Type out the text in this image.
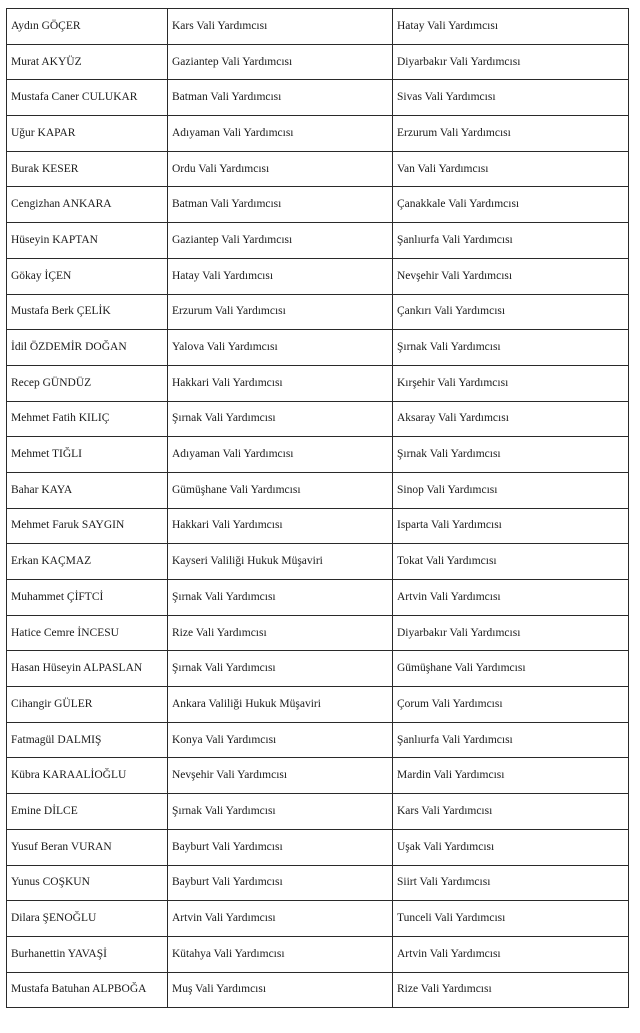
Aydın GÖÇER	Kars Vali Yardımcısı	Hatay Vali Yardımcısı
Murat AKYÜZ	Gaziantep Vali Yardımcısı	Diyarbakır Vali Yardımcısı
Mustafa Caner CULUKAR	Batman Vali Yardımcısı	Sivas Vali Yardımcısı
Uğur KAPAR	Adıyaman Vali Yardımcısı	Erzurum Vali Yardımcısı
Burak KESER	Ordu Vali Yardımcısı	Van Vali Yardımcısı
Cengizhan ANKARA	Batman Vali Yardımcısı	Çanakkale Vali Yardımcısı
Hüseyin KAPTAN	Gaziantep Vali Yardımcısı	Şanlıurfa Vali Yardımcısı
Gökay İÇEN	Hatay Vali Yardımcısı	Nevşehir Vali Yardımcısı
Mustafa Berk ÇELİK	Erzurum Vali Yardımcısı	Çankırı Vali Yardımcısı
İdil ÖZDEMİR DOĞAN	Yalova Vali Yardımcısı	Şırnak Vali Yardımcısı
Recep GÜNDÜZ	Hakkari Vali Yardımcısı	Kırşehir Vali Yardımcısı
Mehmet Fatih KILIÇ	Şırnak Vali Yardımcısı	Aksaray Vali Yardımcısı
Mehmet TIĞLI	Adıyaman Vali Yardımcısı	Şırnak Vali Yardımcısı
Bahar KAYA	Gümüşhane Vali Yardımcısı	Sinop Vali Yardımcısı
Mehmet Faruk SAYGIN	Hakkari Vali Yardımcısı	Isparta Vali Yardımcısı
Erkan KAÇMAZ	Kayseri Valiliği Hukuk Müşaviri	Tokat Vali Yardımcısı
Muhammet ÇİFTCİ	Şırnak Vali Yardımcısı	Artvin Vali Yardımcısı
Hatice Cemre İNCESU	Rize Vali Yardımcısı	Diyarbakır Vali Yardımcısı
Hasan Hüseyin ALPASLAN	Şırnak Vali Yardımcısı	Gümüşhane Vali Yardımcısı
Cihangir GÜLER	Ankara Valiliği Hukuk Müşaviri	Çorum Vali Yardımcısı
Fatmagül DALMIŞ	Konya Vali Yardımcısı	Şanlıurfa Vali Yardımcısı
Kübra KARAALİOĞLU	Nevşehir Vali Yardımcısı	Mardin Vali Yardımcısı
Emine DİLCE	Şırnak Vali Yardımcısı	Kars Vali Yardımcısı
Yusuf Beran VURAN	Bayburt Vali Yardımcısı	Uşak Vali Yardımcısı
Yunus COŞKUN	Bayburt Vali Yardımcısı	Siirt Vali Yardımcısı
Dilara ŞENOĞLU	Artvin Vali Yardımcısı	Tunceli Vali Yardımcısı
Burhanettin YAVAŞİ	Kütahya Vali Yardımcısı	Artvin Vali Yardımcısı
Mustafa Batuhan ALPBOĞA	Muş Vali Yardımcısı	Rize Vali Yardımcısı
